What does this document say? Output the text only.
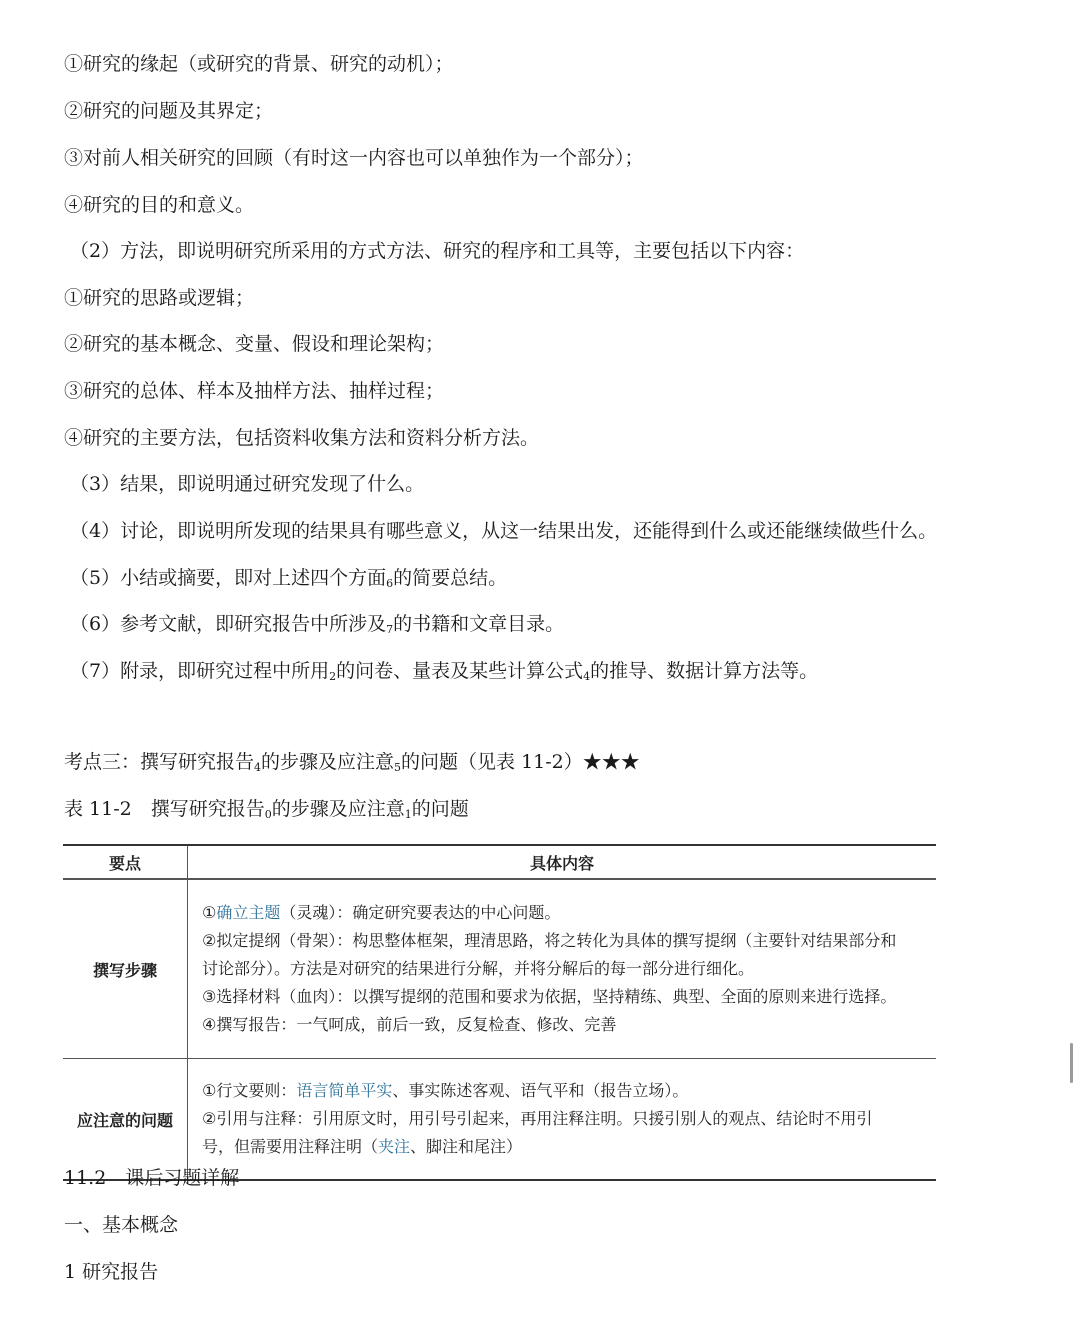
①研究的缘起（或研究的背景、研究的动机）；
②研究的问题及其界定；
③对前人相关研究的回顾（有时这一内容也可以单独作为一个部分）；
④研究的目的和意义。
（2）方法，即说明研究所采用的方式方法、研究的程序和工具等，主要包括以下内容：
①研究的思路或逻辑；
②研究的基本概念、变量、假设和理论架构；
③研究的总体、样本及抽样方法、抽样过程；
④研究的主要方法，包括资料收集方法和资料分析方法。
（3）结果，即说明通过研究发现了什么。
（4）讨论，即说明所发现的结果具有哪些意义，从这一结果出发，还能得到什么或还能继续做些什么。
（5）小结或摘要，即对上述四个方面$_6$的简要总结。
（6）参考文献，即研究报告中所涉及$_7$的书籍和文章目录。
（7）附录，即研究过程中所用$_2$的问卷、量表及某些计算公式$_4$的推导、数据计算方法等。
考点三：撰写研究报告$_4$的步骤及应注意$_5$的问题（见表 11-2）★★★
表 11-2　撰写研究报告$_0$的步骤及应注意$_1$的问题
要点	具体内容
撰写步骤	①确立主题（灵魂）：确定研究要表达的中心问题。
②拟定提纲（骨架）：构思整体框架，理清思路，将之转化为具体的撰写提纲（主要针对结果部分和
讨论部分）。方法是对研究的结果进行分解，并将分解后的每一部分进行细化。
③选择材料（血肉）：以撰写提纲的范围和要求为依据，坚持精练、典型、全面的原则来进行选择。
④撰写报告：一气呵成，前后一致，反复检查、修改、完善

应注意的问题	①行文要则：语言简单平实、事实陈述客观、语气平和（报告立场）。
②引用与注释：引用原文时，用引号引起来，再用注释注明。只援引别人的观点、结论时不用引
号，但需要用注释注明（夹注、脚注和尾注）
11.2　课后习题详解
一、基本概念
1 研究报告
